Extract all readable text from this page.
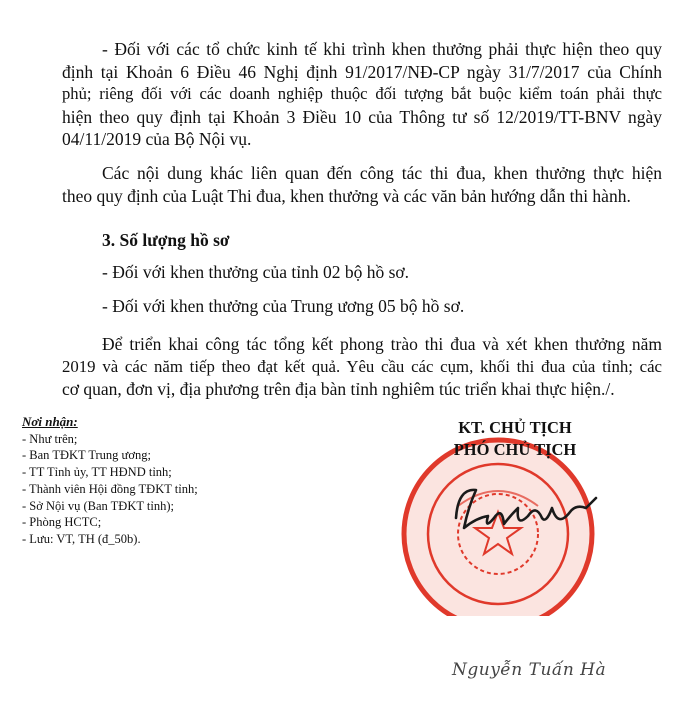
- Đối với các tổ chức kinh tế khi trình khen thưởng phải thực hiện theo quy
định tại Khoản 6 Điều 46 Nghị định 91/2017/NĐ-CP ngày 31/7/2017 của Chính
phủ; riêng đối với các doanh nghiệp thuộc đối tượng bắt buộc kiểm toán phải thực
hiện theo quy định tại Khoản 3 Điều 10 của Thông tư số 12/2019/TT-BNV ngày
04/11/2019 của Bộ Nội vụ.
Các nội dung khác liên quan đến công tác thi đua, khen thưởng thực hiện
theo quy định của Luật Thi đua, khen thưởng và các văn bản hướng dẫn thi hành.
3. Số lượng hồ sơ
- Đối với khen thưởng của tỉnh 02 bộ hồ sơ.
- Đối với khen thưởng của Trung ương 05 bộ hồ sơ.
Để triển khai công tác tổng kết phong trào thi đua và xét khen thưởng năm
2019 và các năm tiếp theo đạt kết quả. Yêu cầu các cụm, khối thi đua của tỉnh; các
cơ quan, đơn vị, địa phương trên địa bàn tỉnh nghiêm túc triển khai thực hiện./.
Nơi nhận:
- Như trên;
- Ban TĐKT Trung ương;
- TT Tỉnh ủy, TT HĐND tỉnh;
- Thành viên Hội đồng TĐKT tỉnh;
- Sở Nội vụ (Ban TĐKT tỉnh);
- Phòng HCTC;
- Lưu: VT, TH (đ_50b).
KT. CHỦ TỊCH
PHÓ CHỦ TỊCH
Nguyễn Tuấn Hà
